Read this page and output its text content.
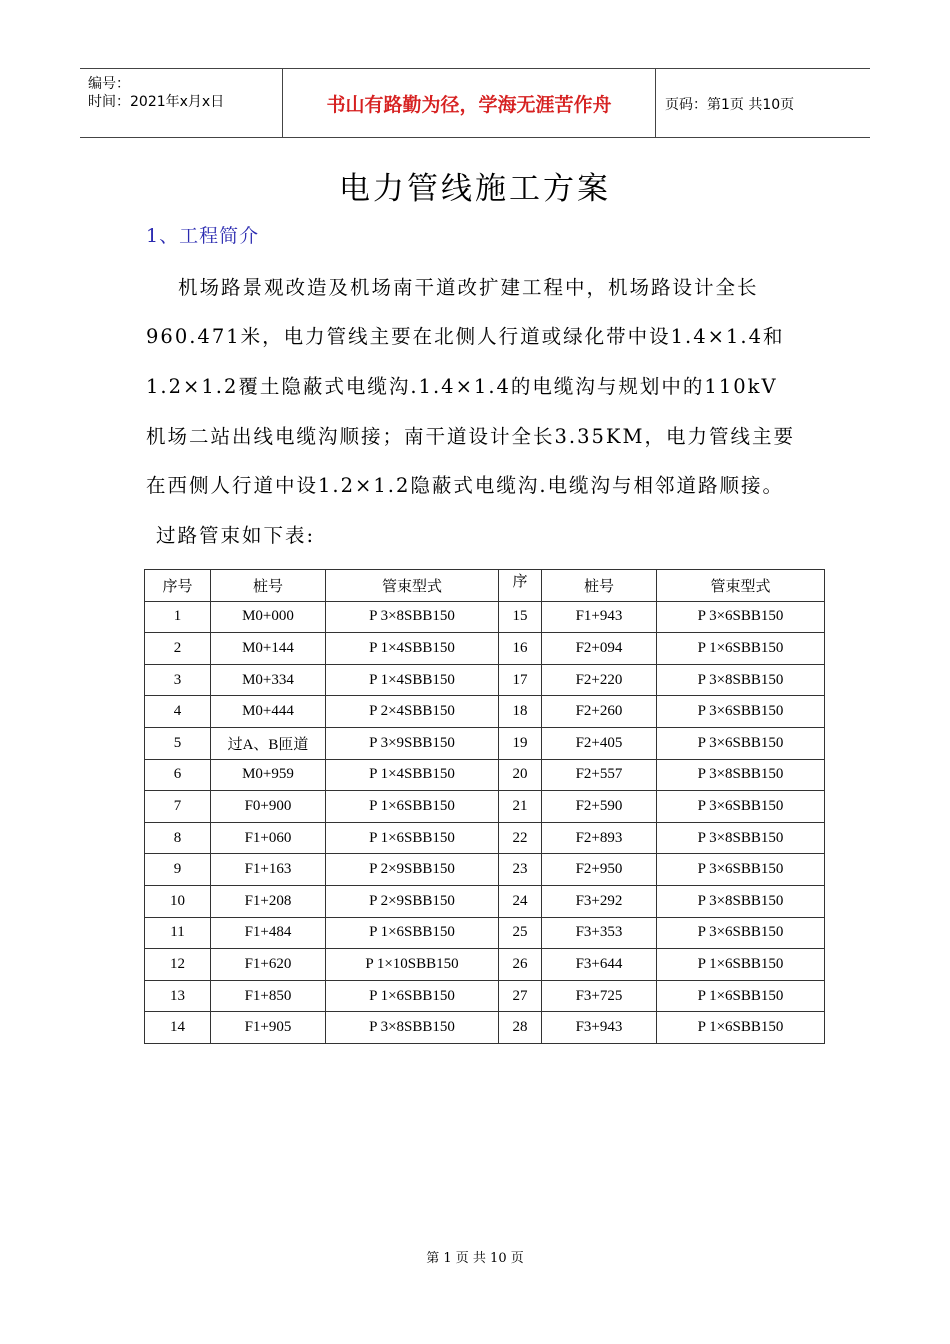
编号：
时间：2021年x月x日	书山有路勤为径，学海无涯苦作舟	页码：第1页 共10页
电力管线施工方案
1、工程简介
机场路景观改造及机场南干道改扩建工程中，机场路设计全长
960.471米，电力管线主要在北侧人行道或绿化带中设1.4×1.4和
1.2×1.2覆土隐蔽式电缆沟.1.4×1.4的电缆沟与规划中的110kV
机场二站出线电缆沟顺接；南干道设计全长3.35KM，电力管线主要
在西侧人行道中设1.2×1.2隐蔽式电缆沟.电缆沟与相邻道路顺接。
过路管束如下表:
序号	桩号	管束型式	序	桩号	管束型式
1	M0+000	P 3×8SBB150	15	F1+943	P 3×6SBB150
2	M0+144	P 1×4SBB150	16	F2+094	P 1×6SBB150
3	M0+334	P 1×4SBB150	17	F2+220	P 3×8SBB150
4	M0+444	P 2×4SBB150	18	F2+260	P 3×6SBB150
5	过A、B匝道	P 3×9SBB150	19	F2+405	P 3×6SBB150
6	M0+959	P 1×4SBB150	20	F2+557	P 3×8SBB150
7	F0+900	P 1×6SBB150	21	F2+590	P 3×6SBB150
8	F1+060	P 1×6SBB150	22	F2+893	P 3×8SBB150
9	F1+163	P 2×9SBB150	23	F2+950	P 3×6SBB150
10	F1+208	P 2×9SBB150	24	F3+292	P 3×8SBB150
11	F1+484	P 1×6SBB150	25	F3+353	P 3×6SBB150
12	F1+620	P 1×10SBB150	26	F3+644	P 1×6SBB150
13	F1+850	P 1×6SBB150	27	F3+725	P 1×6SBB150
14	F1+905	P 3×8SBB150	28	F3+943	P 1×6SBB150
第 1 页 共 10 页
